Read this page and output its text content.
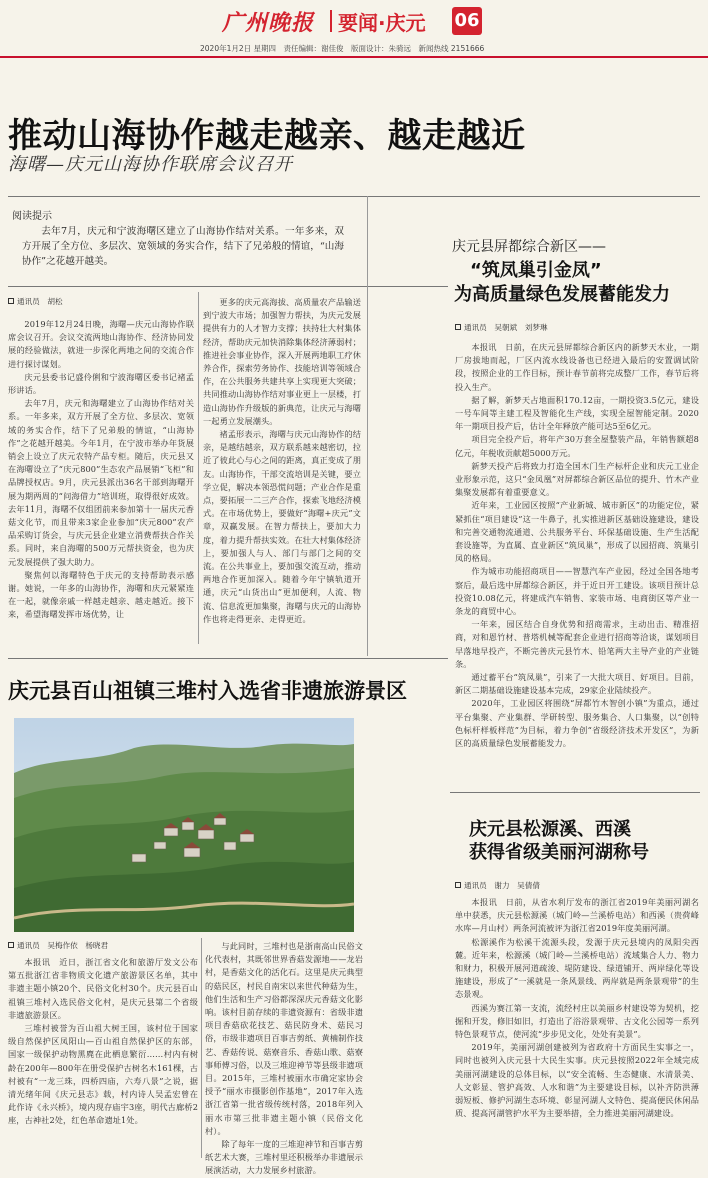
广州晚报 要闻·庆元 06
2020年1月2日 星期四　责任编辑：谢佳俊　版面设计：朱骑远　新闻热线 2151666
推动山海协作越走越亲、越走越近
海曙—庆元山海协作联席会议召开
阅读提示
去年7月，庆元和宁波海曙区建立了山海协作结对关系。一年多来，双方开展了全方位、多层次、宽领域的务实合作，结下了兄弟般的情谊，“山海协作”之花越开越美。
通讯员　胡松

2019年12月24日晚，海曙—庆元山海协作联席会议召开。会议交流两地山海协作、经济协同发展的经验做法，就进一步深化两地之间的交流合作进行探讨谋划。

庆元县委书记盛伶俐和宁波海曙区委书记褚孟形讲话。

去年7月，庆元和海曙建立了山海协作结对关系。一年多来，双方开展了全方位、多层次、宽领域的务实合作，结下了兄弟般的情谊，“山海协作”之花越开越美。今年1月，在宁波市举办年货展销会上设立了庆元农特产品专柜。随后，庆元县又在海曙设立了“庆元800”生态农产品展销“飞柜”和品牌授权店。9月，庆元县派出36名干部到海曙开展为期两周的“问海借力”培训班，取得很好成效。去年11月，海曙不仅组团前来参加第十一届庆元香菇文化节，而且带来3家企业参加“庆元800”农产品采购订货会，与庆元县企业建立消费帮扶合作关系。同时，来自海曙的500万元帮扶资金，也为庆元发展提供了强大助力。

聚焦何以海曙特色于庆元的支持帮助表示感谢。她说，一年多的山海协作，海曙和庆元紧紧连在一起，就像亲戚一样越走越亲、越走越近。接下来，希望海曙发挥市场优势，让

更多的庆元高海拔、高质量农产品输送到宁波大市场；加强智力帮扶，为庆元发展提供有力的人才智力支撑；扶持壮大村集体经济，帮助庆元加快消除集体经济薄弱村；推进社会事业协作，深入开展两地职工疗休养合作，探索劳务协作、技能培训等领域合作，在公共服务共建共享上实现更大突破；共同推动山海协作结对事业更上一层楼，打造山海协作升级版的新典范，让庆元与海曙一起勇立发展潮头。

褚孟形表示，海曙与庆元山海协作的结亲，是越结越亲，双方联系越来越密切，拉近了彼此心与心之间的距离，真正变成了朋友。山海协作，干部交流培训是关键，要立学立促，解决本领恐慌问题；产业合作是重点，要拓展一二三产合作，探索飞地经济模式。在市场优势上，要做好“海曙+庆元”文章，双赢发展。在智力帮扶上，要加大力度，着力提升帮扶实效。在壮大村集体经济上，要加强人与人、部门与部门之间的交流。在公共事业上，要加强交流互动，推动两地合作更加深入。随着今年宁镇轨道开通，庆元“山货出山”更加便利，人流、物流、信息流更加集聚，海曙与庆元的山海协作也将走得更亲、走得更近。

庆元县屏都综合新区——
“筑凤巢引金凤”
为高质量绿色发展蓄能发力
通讯员　吴朝斌　刘梦琳

本报讯　日前，在庆元县屏都综合新区内的新梦天木业，一期厂房拔地而起，厂区内流水线设备也已经进入最后的安置调试阶段，按照企业的工作目标，预计春节前将完成整厂工作，春节后将投入生产。

据了解，新梦天占地面积170.12亩，一期投资3.5亿元，建设一号车间等主建工程及智能化生产线，实现全屋智能定制。2020年一期项目投产后，估计全年释放产能可达5至6亿元。

项目完全投产后，将年产30万套全屋整装产品，年销售额超8亿元，年税收贡献超5000万元。

新梦天投产后将致力打造全国木门生产标杆企业和庆元工业企业形象示范，这只“金凤凰”对屏都综合新区品位的提升、竹木产业集聚发展都有着重要意义。

近年来，工业园区按照“产业新城、城市新区”的功能定位，紧紧抓住“项目建设”这一牛鼻子，扎实推进新区基础设施建设，建设和完善交通物流通道、公共服务平台、环保基础设施、生产生活配套设施等，为直属、直业新区“筑凤巢”，形成了以园招商、筑巢引凤的格局。

作为城市功能招商项目——智慧汽车产业园，经过全国各地考察后，最后选中屏都综合新区，并于近日开工建设。该项目预计总投资10.08亿元，将建成汽车销售、家装市场、电商街区等产业一条龙的商贸中心。

一年来，园区结合自身优势和招商需求，主动出击、精准招商，对和恩竹材、普塔机械等配套企业进行招商等洽谈，谋划项目早落地早投产，不断完善庆元县竹木、铅笔两大主导产业的产业链条。

通过蓄平台“筑凤巢”，引来了一大批大项目、好项目。目前，新区二期基础设施建设基本完成，29家企业陆续投产。

2020年，工业园区将围绕“屏都竹木智创小镇”为重点，通过平台集聚、产业集群、学研转型、服务集合、人口集聚，以“创特色标杆样板样范”为目标，着力争创“省级经济技术开发区”，为新区的高质量绿色发展蓄能发力。

庆元县百山祖镇三堆村入选省非遗旅游景区
通讯员　吴梅作依　杨晓君

本报讯　近日，浙江省文化和旅游厅发文公布第五批浙江省非物质文化遗产旅游景区名单，其中非遗主题小镇20个、民俗文化村30个。庆元县百山祖镇三堆村入选民俗文化村，是庆元县第二个省级非遗旅游景区。

三堆村被誉为百山祖大树王国，该村位于国家级自然保护区凤阳山—百山祖自然保护区的东部，国家一级保护动物黑麂在此栖息繁衍……村内有树龄在200年—800年在册受保护古树名木161棵，古村被有“一龙三珠，四桥四庙，六寿八景”之说，据清光绪年间《庆元县志》载，村内诗人吴孟宏曾在此作诗《永兴桥》，境内现存庙宇3座，明代古廊桥2座，古神社2处，红色革命遗址1处。

与此同时，三堆村也是浙南高山民俗文化代表村，其既邻世界香菇发源地——龙岩村，是香菇文化的活化石。这里是庆元典型的菇民区，村民自南宋以来世代种菇为生，他们生活和生产习俗都深深庆元香菇文化影响。该村目前存续的非遗资源有：省级非遗项目香菇砍花技艺、菇民防身术、菇民习俗，市级非遗项目百事吉剪纸、黄楠制作技艺、香菇传说、菇寮音乐、香菇山歌、菇寮事师傅习俗，以及三堆迎神节等县级非遗项目。2015年，三堆村被丽水市确定家协会授予“丽水市摄影创作基地”，2017年入选浙江省第一批省级传统村落，2018年列入丽水市第三批非遗主题小镇（民俗文化村）。

除了每年一度的三堆迎神节和百事吉剪纸艺术大赛，三堆村里还积极举办非遗展示展演活动，大力发展乡村旅游。

庆元县松源溪、西溪
获得省级美丽河湖称号
通讯员　谢力　吴倩倩

本报讯　日前，从省水利厅发布的浙江省2019年美丽河湖名单中获悉，庆元县松源溪（城门岭—兰溪桥电站）和西溪（贵荷峰水库—月山村）两条河流被评为浙江省2019年度美丽河湖。

松源溪作为松溪干流源头段，发源于庆元县境内的凤阳尖西麓。近年来，松源溪（城门岭—兰溪桥电站）流域集合人力、物力和财力，积极开展河道疏浚、堤防建设、绿道铺开、两岸绿化等设施建设，形成了“一溪就是一条风景线、两岸就是两条景观带”的生态景观。

西溪为赛江第一支流，流经村庄以美丽乡村建设等为契机，挖掘和开发，修旧如旧，打造出了浴浴景观带、古文化公园等一系列特色景观节点，使河流“步步见文化，处处有美景”。

2019年，美丽河湖创建被列为省政府十方面民生实事之一，同时也被列入庆元县十大民生实事。庆元县按照2022年全域完成美丽河湖建设的总体目标，以“安全流畅、生态健康、水清景美、人文彰显、管护高效、人水和谐”为主要建设目标，以补齐防洪薄弱短板、修护河湖生态环境、彰显河湖人文特色、提高便民休闲品质、提高河湖管护水平为主要举措，全力推进美丽河湖建设。
